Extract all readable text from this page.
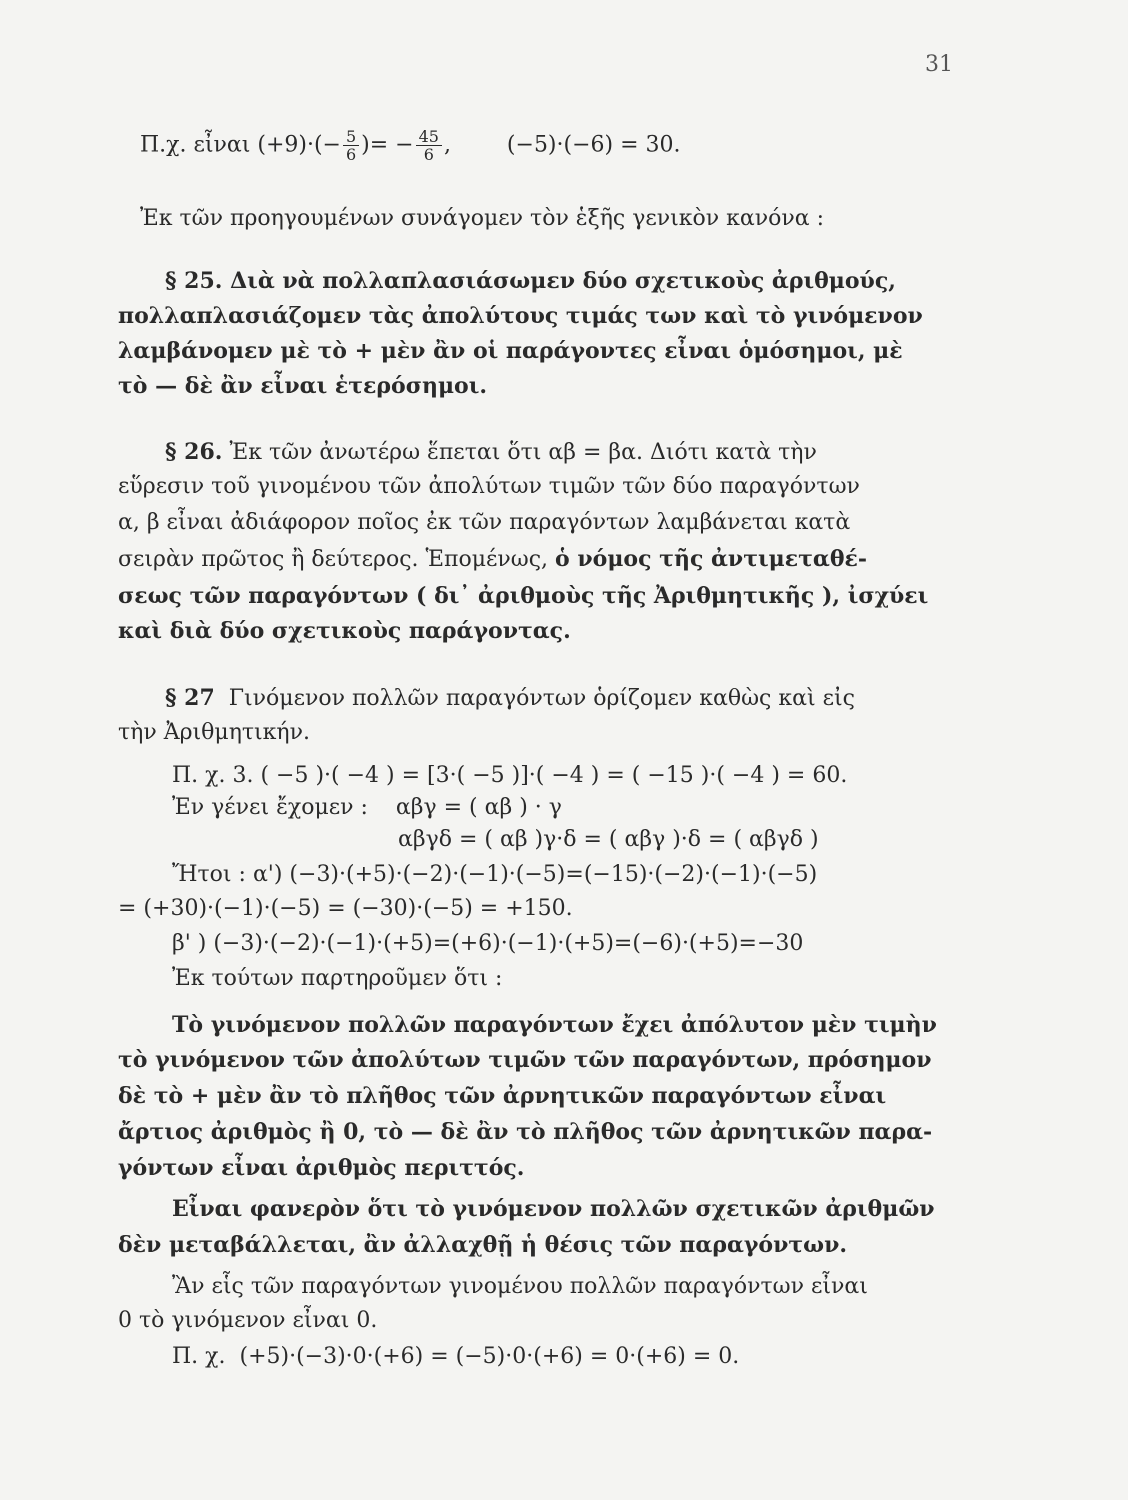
31
Π.χ. εἶναι $(+9)\cdot(- \frac{5}{6}$ )= − $\frac{45}{6}$ ,        (−5)·(−6) = 30.
Ἐκ τῶν προηγουμένων συνάγομεν τὸν ἑξῆς γενικὸν κανόνα :
§ 25. Διὰ νὰ πολλαπλασιάσωμεν δύο σχετικοὺς ἀριθμούς,
πολλαπλασιάζομεν τὰς ἀπολύτους τιμάς των καὶ τὸ γινόμενον
λαμβάνομεν μὲ τὸ + μὲν ἂν οἱ παράγοντες εἶναι ὁμόσημοι, μὲ
τὸ — δὲ ἂν εἶναι ἑτερόσημοι.
§ 26. Ἐκ τῶν ἀνωτέρω ἕπεται ὅτι αβ = βα. Διότι κατὰ τὴν
εὕρεσιν τοῦ γινομένου τῶν ἀπολύτων τιμῶν τῶν δύο παραγόντων
α, β εἶναι ἀδιάφορον ποῖος ἐκ τῶν παραγόντων λαμβάνεται κατὰ
σειρὰν πρῶτος ἢ δεύτερος. Ἑπομένως, ὁ νόμος τῆς ἀντιμεταθέ-
σεως τῶν παραγόντων ( δι᾽ ἀριθμοὺς τῆς Ἀριθμητικῆς ), ἰσχύει
καὶ διὰ δύο σχετικοὺς παράγοντας.
§ 27  Γινόμενον πολλῶν παραγόντων ὁρίζομεν καθὼς καὶ εἰς
τὴν Ἀριθμητικήν.
Π. χ. 3. ( −5 )·( −4 ) = [3·( −5 )]·( −4 ) = ( −15 )·( −4 ) = 60.
Ἐν γένει ἔχομεν :    αβγ = ( αβ ) · γ
αβγδ = ( αβ )γ·δ = ( αβγ )·δ = ( αβγδ )
Ἤτοι : α') (−3)·(+5)·(−2)·(−1)·(−5)=(−15)·(−2)·(−1)·(−5)
= (+30)·(−1)·(−5) = (−30)·(−5) = +150.
β' ) (−3)·(−2)·(−1)·(+5)=(+6)·(−1)·(+5)=(−6)·(+5)=−30
Ἐκ τούτων παρτηροῦμεν ὅτι :
Τὸ γινόμενον πολλῶν παραγόντων ἔχει ἀπόλυτον μὲν τιμὴν
τὸ γινόμενον τῶν ἀπολύτων τιμῶν τῶν παραγόντων, πρόσημον
δὲ τὸ + μὲν ἂν τὸ πλῆθος τῶν ἀρνητικῶν παραγόντων εἶναι
ἄρτιος ἀριθμὸς ἢ 0, τὸ — δὲ ἂν τὸ πλῆθος τῶν ἀρνητικῶν παρα-
γόντων εἶναι ἀριθμὸς περιττός.
Εἶναι φανερὸν ὅτι τὸ γινόμενον πολλῶν σχετικῶν ἀριθμῶν
δὲν μεταβάλλεται, ἂν ἀλλαχθῇ ἡ θέσις τῶν παραγόντων.
Ἂν εἷς τῶν παραγόντων γινομένου πολλῶν παραγόντων εἶναι
0 τὸ γινόμενον εἶναι 0.
Π. χ.  (+5)·(−3)·0·(+6) = (−5)·0·(+6) = 0·(+6) = 0.
